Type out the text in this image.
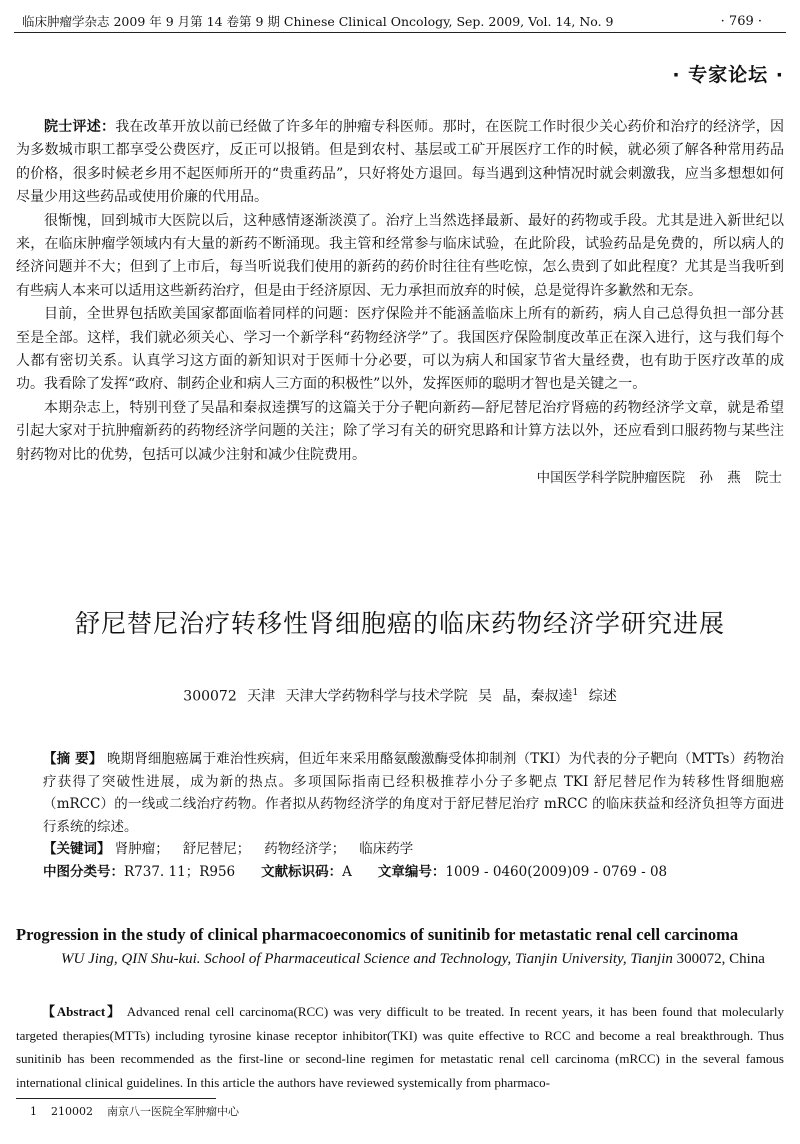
临床肿瘤学杂志 2009 年 9 月第 14 卷第 9 期 Chinese Clinical Oncology, Sep. 2009, Vol. 14, No. 9	· 769 ·
· 专家论坛 ·

院士评述：我在改革开放以前已经做了许多年的肿瘤专科医师。那时，在医院工作时很少关心药价和治疗的经济学，因为多数城市职工都享受公费医疗，反正可以报销。但是到农村、基层或工矿开展医疗工作的时候，就必须了解各种常用药品的价格，很多时候老乡用不起医师所开的“贵重药品”，只好将处方退回。每当遇到这种情况时就会刺激我，应当多想想如何尽量少用这些药品或使用价廉的代用品。

很惭愧，回到城市大医院以后，这种感情逐渐淡漠了。治疗上当然选择最新、最好的药物或手段。尤其是进入新世纪以来，在临床肿瘤学领域内有大量的新药不断涌现。我主管和经常参与临床试验，在此阶段，试验药品是免费的，所以病人的经济问题并不大；但到了上市后，每当听说我们使用的新药的药价时往往有些吃惊，怎么贵到了如此程度？尤其是当我听到有些病人本来可以适用这些新药治疗，但是由于经济原因、无力承担而放弃的时候，总是觉得许多歉然和无奈。

目前，全世界包括欧美国家都面临着同样的问题：医疗保险并不能涵盖临床上所有的新药，病人自己总得负担一部分甚至是全部。这样，我们就必须关心、学习一个新学科“药物经济学”了。我国医疗保险制度改革正在深入进行，这与我们每个人都有密切关系。认真学习这方面的新知识对于医师十分必要，可以为病人和国家节省大量经费，也有助于医疗改革的成功。我看除了发挥“政府、制药企业和病人三方面的积极性”以外，发挥医师的聪明才智也是关键之一。

本期杂志上，特别刊登了吴晶和秦叔逵撰写的这篇关于分子靶向新药—舒尼替尼治疗肾癌的药物经济学文章，就是希望引起大家对于抗肿瘤新药的药物经济学问题的关注；除了学习有关的研究思路和计算方法以外，还应看到口服药物与某些注射药物对比的优势，包括可以减少注射和减少住院费用。

中国医学科学院肿瘤医院 孙 燕 院士

舒尼替尼治疗转移性肾细胞癌的临床药物经济学研究进展
300072 天津 天津大学药物科学与技术学院 吴 晶，秦叔逵$^1$ 综述

【摘 要】 晚期肾细胞癌属于难治性疾病，但近年来采用酪氨酸激酶受体抑制剂（TKI）为代表的分子靶向（MTTs）药物治疗获得了突破性进展，成为新的热点。多项国际指南已经积极推荐小分子多靶点 TKI 舒尼替尼作为转移性肾细胞癌（mRCC）的一线或二线治疗药物。作者拟从药物经济学的角度对于舒尼替尼治疗 mRCC 的临床获益和经济负担等方面进行系统的综述。

【关键词】 肾肿瘤； 舒尼替尼； 药物经济学； 临床药学

中图分类号：R737. 11；R956 文献标识码：A 文章编号：1009 - 0460(2009)09 - 0769 - 08

Progression in the study of clinical pharmacoeconomics of sunitinib for metastatic renal cell carcinoma

WU Jing, QIN Shu-kui. School of Pharmaceutical Science and Technology, Tianjin University, Tianjin 300072, China

【Abstract】 Advanced renal cell carcinoma(RCC) was very difficult to be treated. In recent years, it has been found that molecularly targeted therapies(MTTs) including tyrosine kinase receptor inhibitor(TKI) was quite effective to RCC and become a real breakthrough. Thus sunitinib has been recommended as the first-line or second-line regimen for metastatic renal cell carcinoma (mRCC) in the several famous international clinical guidelines. In this article the authors have reviewed systemically from pharmaco-

1 210002 南京八一医院全军肿瘤中心
